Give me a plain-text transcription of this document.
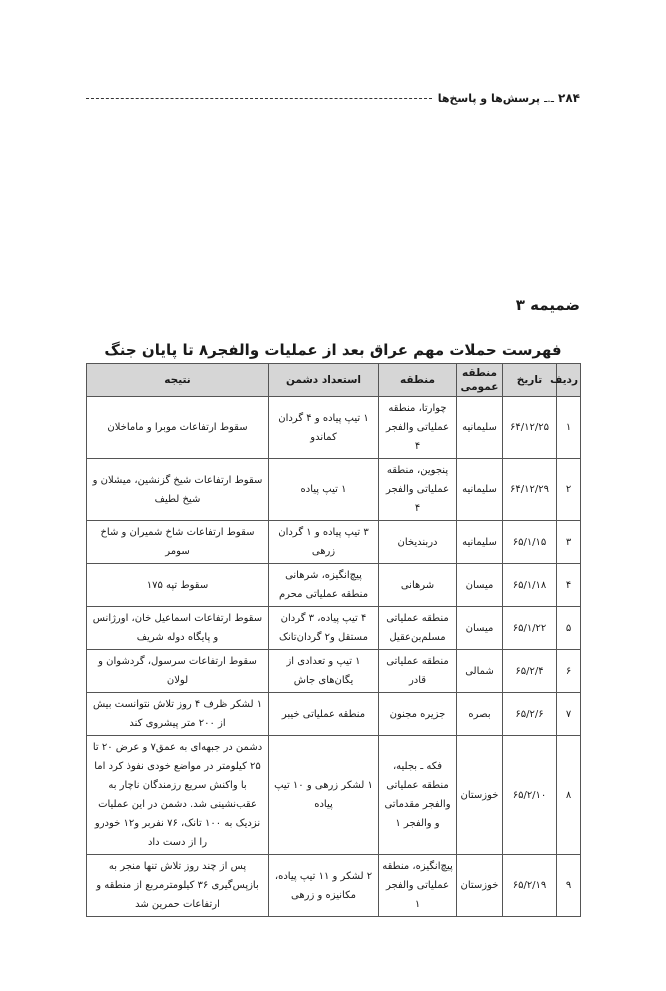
۲۸۴
ـ.ـ
پرسش‌ها و پاسخ‌ها
ضمیمه ۳
فهرست حملات مهم عراق بعد از عملیات والفجر۸ تا پایان جنگ
ردیف	تاریخ	منطقه عمومی	منطقه	استعداد دشمن	نتیجه
۱	۶۴/۱۲/۲۵	سلیمانیه	چوارتا، منطقه عملیاتی والفجر ۴	۱ تیپ پیاده و ۴ گردان کماندو	سقوط ارتفاعات موبرا و ماماخلان
۲	۶۴/۱۲/۲۹	سلیمانیه	پنجوین، منطقه عملیاتی والفجر ۴	۱ تیپ پیاده	سقوط ارتفاعات شیخ گزنشین، میشلان و شیخ لطیف
۳	۶۵/۱/۱۵	سلیمانیه	دربندیخان	۳ تیپ پیاده و ۱ گردان زرهی	سقوط ارتفاعات شاخ شمیران و شاخ سومر
۴	۶۵/۱/۱۸	میسان	شرهانی	پیچ‌انگیزه، شرهانی منطقه عملیاتی محرم	سقوط تپه ۱۷۵
۵	۶۵/۱/۲۲	میسان	منطقه عملیاتی مسلم‌بن‌عقیل	۴ تیپ پیاده، ۳ گردان مستقل و۲ گردان‌تانک	سقوط ارتفاعات اسماعیل خان، اورژانس و پایگاه دوله شریف
۶	۶۵/۲/۴	شمالی	منطقه عملیاتی قادر	۱ تیپ و تعدادی از یگان‌های جاش	سقوط ارتفاعات سرسول، گردشوان و لولان
۷	۶۵/۲/۶	بصره	جزیره مجنون	منطقه عملیاتی خیبر	۱ لشکر ظرف ۴ روز تلاش نتوانست بیش از ۲۰۰ متر پیشروی کند
۸	۶۵/۲/۱۰	خوزستان	فکه ـ بجلیه، منطقه عملیاتی والفجر مقدماتی و والفجر ۱	۱ لشکر زرهی و ۱۰ تیپ پیاده	دشمن در جبهه‌ای به عمق۷ و عرض ۲۰ تا ۲۵ کیلومتر در مواضع خودی نفوذ کرد اما با واکنش سریع رزمندگان ناچار به عقب‌نشینی شد. دشمن در این عملیات نزدیک به ۱۰۰ تانک، ۷۶ نفربر و۱۲ خودرو را از دست داد
۹	۶۵/۲/۱۹	خوزستان	پیچ‌انگیزه، منطقه عملیاتی والفجر ۱	۲ لشکر و ۱۱ تیپ پیاده، مکانیزه و زرهی	پس از چند روز تلاش تنها منجر به بازپس‌گیری ۳۶ کیلومترمربع از منطقه و ارتفاعات حمرین شد
